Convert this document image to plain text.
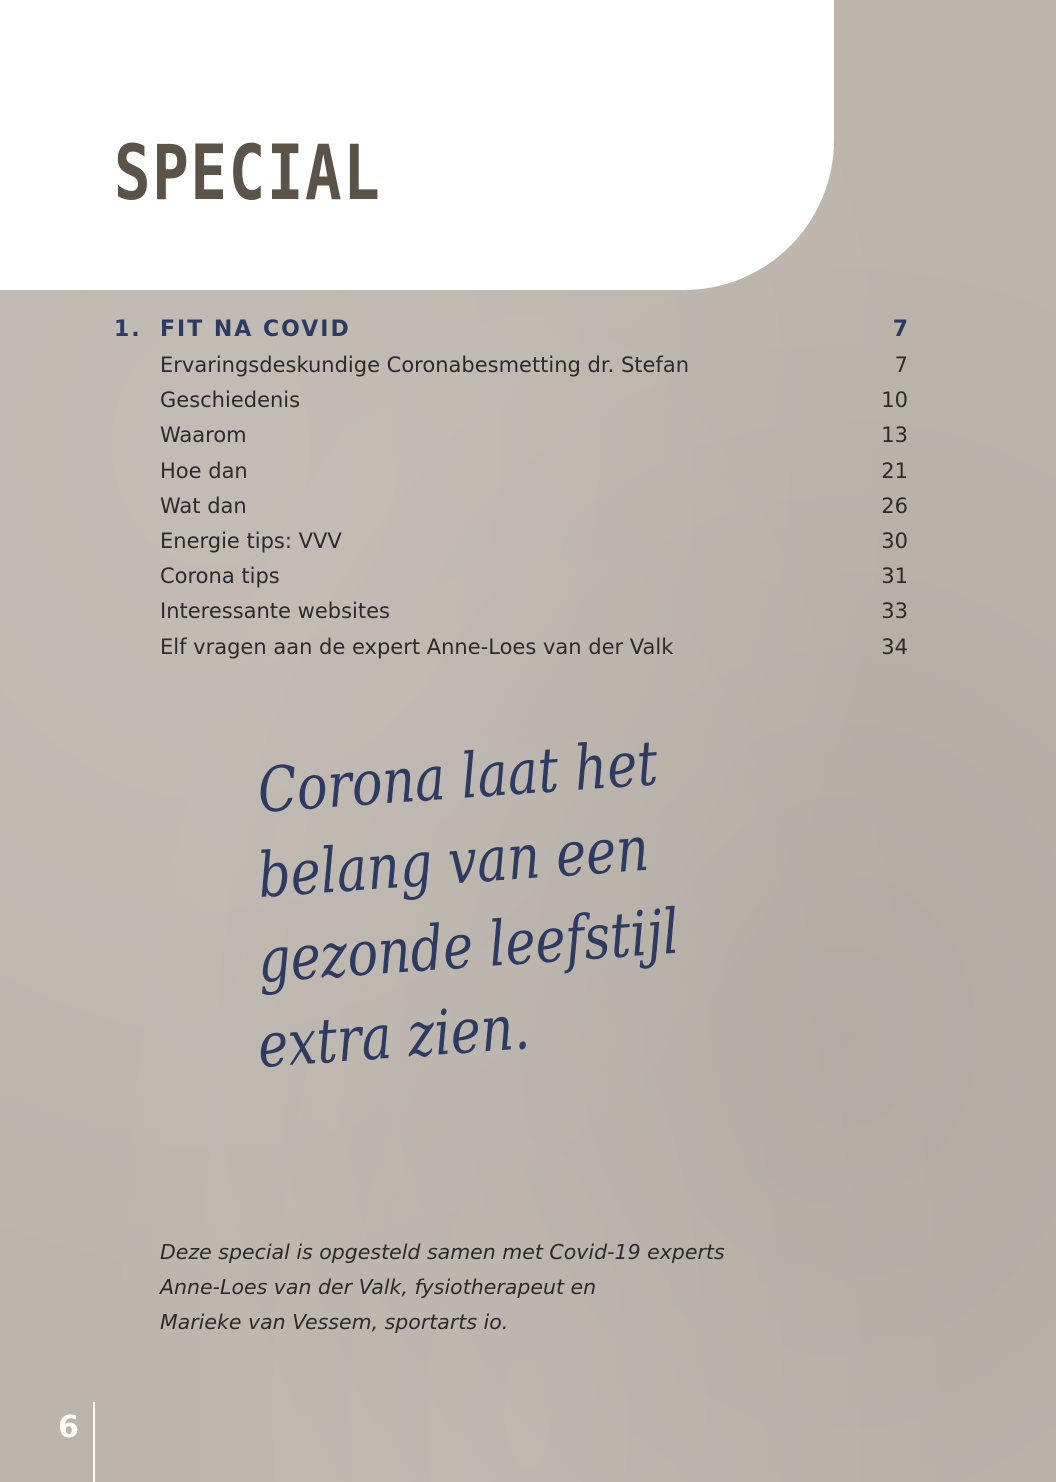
SPECIAL
1. FIT NA COVID	7
Ervaringsdeskundige Coronabesmetting dr. Stefan	7
Geschiedenis	10
Waarom	13
Hoe dan	21
Wat dan	26
Energie tips: VVV	30
Corona tips	31
Interessante websites	33
Elf vragen aan de expert Anne-Loes van der Valk	34
Corona laat het
belang van een
gezonde leefstijl
extra zien.
Deze special is opgesteld samen met Covid-19 experts
Anne-Loes van der Valk, fysiotherapeut en
Marieke van Vessem, sportarts io.
6
